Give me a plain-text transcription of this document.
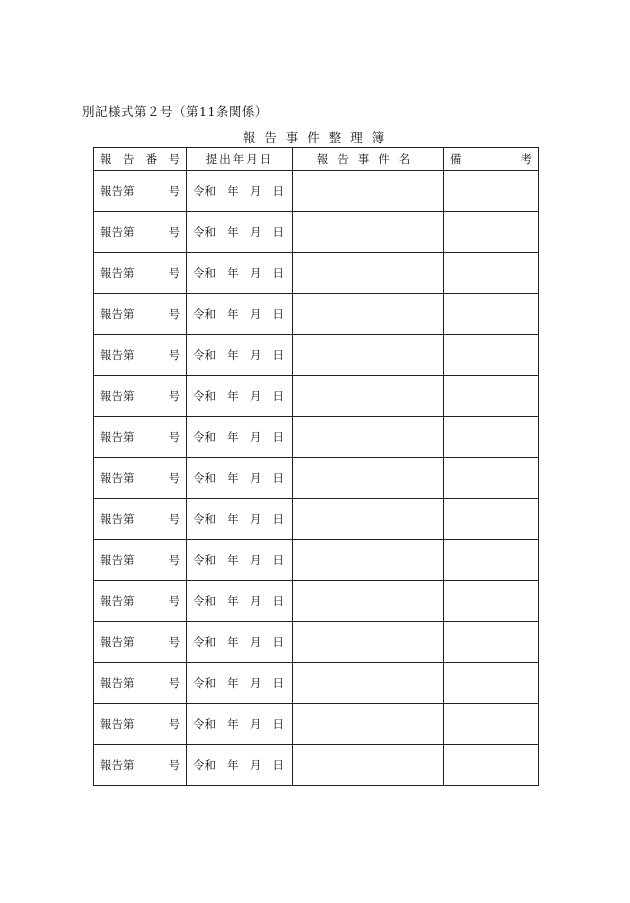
別記様式第２号（第11条関係）
報告事件整理簿
報告番号	提出年月日	報告事件名	備考

報告第 号	令和 年 月 日		

報告第 号	令和 年 月 日		

報告第 号	令和 年 月 日		

報告第 号	令和 年 月 日		

報告第 号	令和 年 月 日		

報告第 号	令和 年 月 日		

報告第 号	令和 年 月 日		

報告第 号	令和 年 月 日		

報告第 号	令和 年 月 日		

報告第 号	令和 年 月 日		

報告第 号	令和 年 月 日		

報告第 号	令和 年 月 日		

報告第 号	令和 年 月 日		

報告第 号	令和 年 月 日		

報告第 号	令和 年 月 日		
